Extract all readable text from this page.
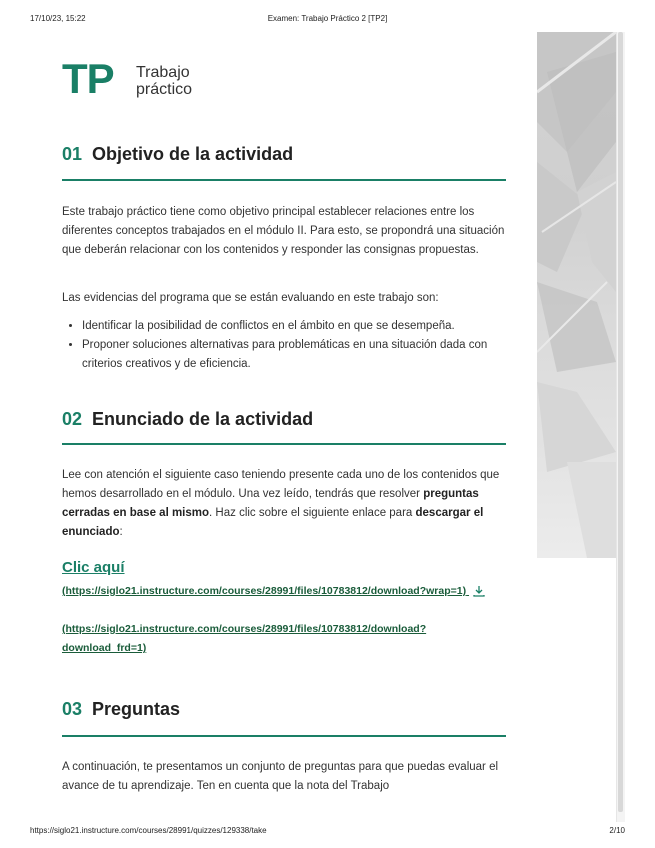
17/10/23, 15:22	Examen: Trabajo Práctico 2 [TP2]
TP Trabajo
práctico
01 Objetivo de la actividad

Este trabajo práctico tiene como objetivo principal establecer relaciones entre los diferentes conceptos trabajados en el módulo II. Para esto, se propondrá una situación que deberán relacionar con los contenidos y responder las consignas propuestas.

Las evidencias del programa que se están evaluando en este trabajo son:

• Identificar la posibilidad de conflictos en el ámbito en que se desempeña.
• Proponer soluciones alternativas para problemáticas en una situación dada con criterios creativos y de eficiencia.
02 Enunciado de la actividad

Lee con atención el siguiente caso teniendo presente cada uno de los contenidos que hemos desarrollado en el módulo. Una vez leído, tendrás que resolver preguntas cerradas en base al mismo. Haz clic sobre el siguiente enlace para descargar el enunciado:

Clic aquí
(https://siglo21.instructure.com/courses/28991/files/10783812/download?wrap=1)
(https://siglo21.instructure.com/courses/28991/files/10783812/download?download_frd=1)
03 Preguntas

A continuación, te presentamos un conjunto de preguntas para que puedas evaluar el avance de tu aprendizaje. Ten en cuenta que la nota del Trabajo

https://siglo21.instructure.com/courses/28991/quizzes/129338/take	2/10
